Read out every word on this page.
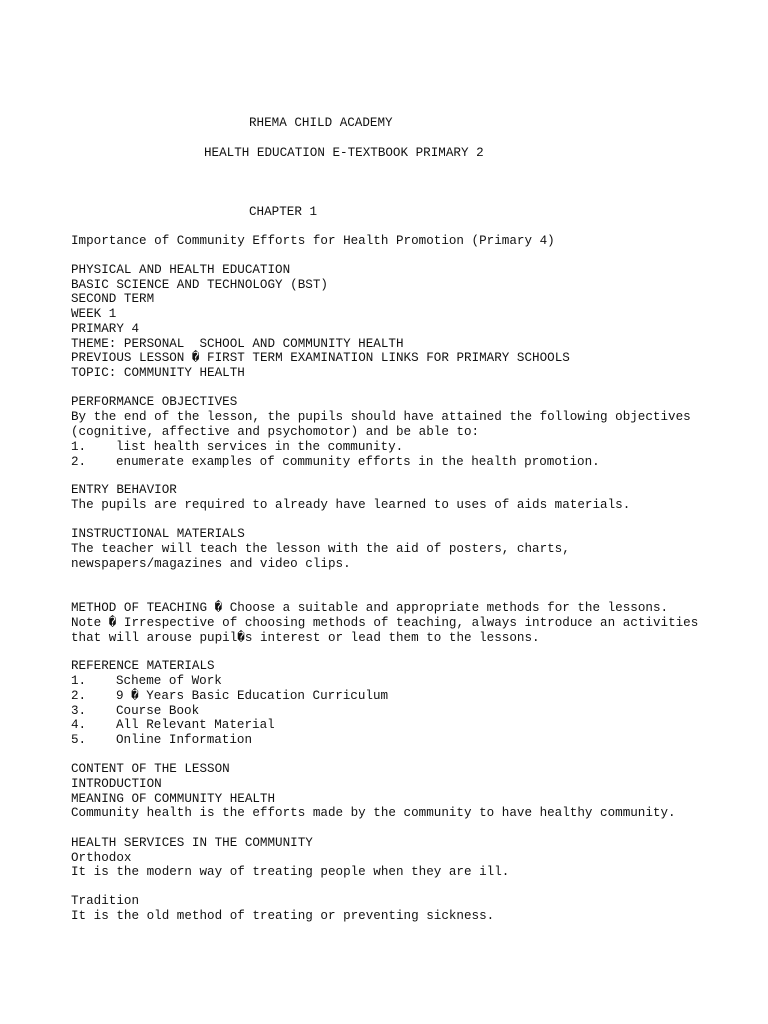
RHEMA CHILD ACADEMY

HEALTH EDUCATION E-TEXTBOOK PRIMARY 2

CHAPTER 1

Importance of Community Efforts for Health Promotion (Primary 4)

PHYSICAL AND HEALTH EDUCATION

BASIC SCIENCE AND TECHNOLOGY (BST)

SECOND TERM

WEEK 1

PRIMARY 4

THEME: PERSONAL  SCHOOL AND COMMUNITY HEALTH

PREVIOUS LESSON � FIRST TERM EXAMINATION LINKS FOR PRIMARY SCHOOLS

TOPIC: COMMUNITY HEALTH

PERFORMANCE OBJECTIVES

By the end of the lesson, the pupils should have attained the following objectives

(cognitive, affective and psychomotor) and be able to:

1. list health services in the community.

2. enumerate examples of community efforts in the health promotion.

ENTRY BEHAVIOR

The pupils are required to already have learned to uses of aids materials.

INSTRUCTIONAL MATERIALS

The teacher will teach the lesson with the aid of posters, charts,

newspapers/magazines and video clips.

METHOD OF TEACHING � Choose a suitable and appropriate methods for the lessons.

Note � Irrespective of choosing methods of teaching, always introduce an activities

that will arouse pupil�s interest or lead them to the lessons.

REFERENCE MATERIALS

1. Scheme of Work

2. 9 � Years Basic Education Curriculum

3. Course Book

4. All Relevant Material

5. Online Information

CONTENT OF THE LESSON

INTRODUCTION

MEANING OF COMMUNITY HEALTH

Community health is the efforts made by the community to have healthy community.

HEALTH SERVICES IN THE COMMUNITY

Orthodox

It is the modern way of treating people when they are ill.

Tradition

It is the old method of treating or preventing sickness.
